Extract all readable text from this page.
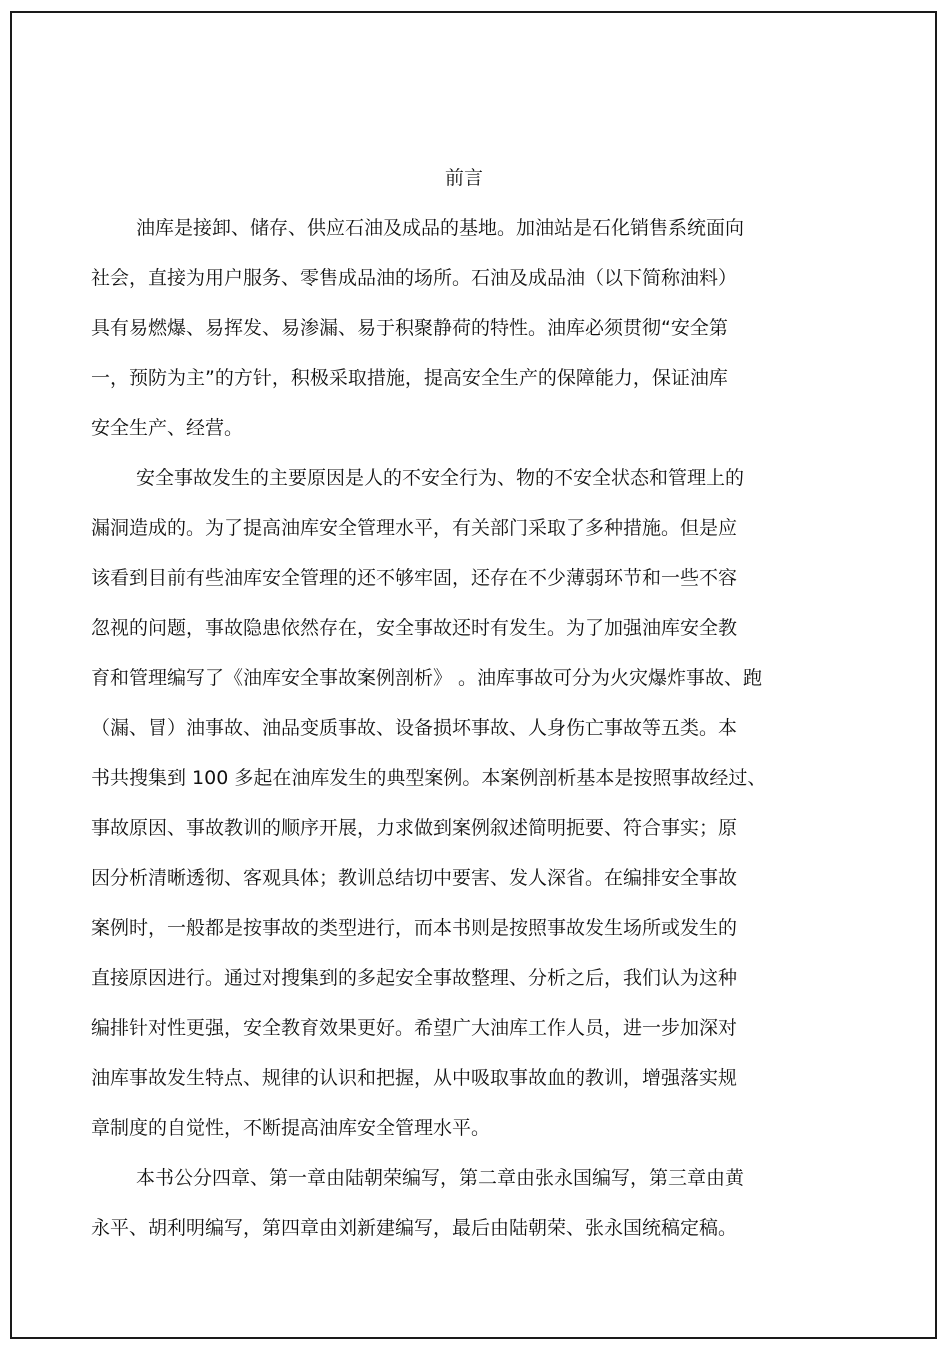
前言
油库是接卸、储存、供应石油及成品的基地。加油站是石化销售系统面向
社会，直接为用户服务、零售成品油的场所。石油及成品油（以下简称油料）
具有易燃爆、易挥发、易渗漏、易于积聚静荷的特性。油库必须贯彻“安全第
一，预防为主”的方针，积极采取措施，提高安全生产的保障能力，保证油库
安全生产、经营。
安全事故发生的主要原因是人的不安全行为、物的不安全状态和管理上的
漏洞造成的。为了提高油库安全管理水平，有关部门采取了多种措施。但是应
该看到目前有些油库安全管理的还不够牢固，还存在不少薄弱环节和一些不容
忽视的问题，事故隐患依然存在，安全事故还时有发生。为了加强油库安全教
育和管理编写了《油库安全事故案例剖析》 。油库事故可分为火灾爆炸事故、跑
（漏、冒）油事故、油品变质事故、设备损坏事故、人身伤亡事故等五类。本
书共搜集到 100 多起在油库发生的典型案例。本案例剖析基本是按照事故经过、
事故原因、事故教训的顺序开展，力求做到案例叙述简明扼要、符合事实；原
因分析清晰透彻、客观具体；教训总结切中要害、发人深省。在编排安全事故
案例时，一般都是按事故的类型进行，而本书则是按照事故发生场所或发生的
直接原因进行。通过对搜集到的多起安全事故整理、分析之后，我们认为这种
编排针对性更强，安全教育效果更好。希望广大油库工作人员，进一步加深对
油库事故发生特点、规律的认识和把握，从中吸取事故血的教训，增强落实规
章制度的自觉性，不断提高油库安全管理水平。
本书公分四章、第一章由陆朝荣编写，第二章由张永国编写，第三章由黄
永平、胡利明编写，第四章由刘新建编写，最后由陆朝荣、张永国统稿定稿。
